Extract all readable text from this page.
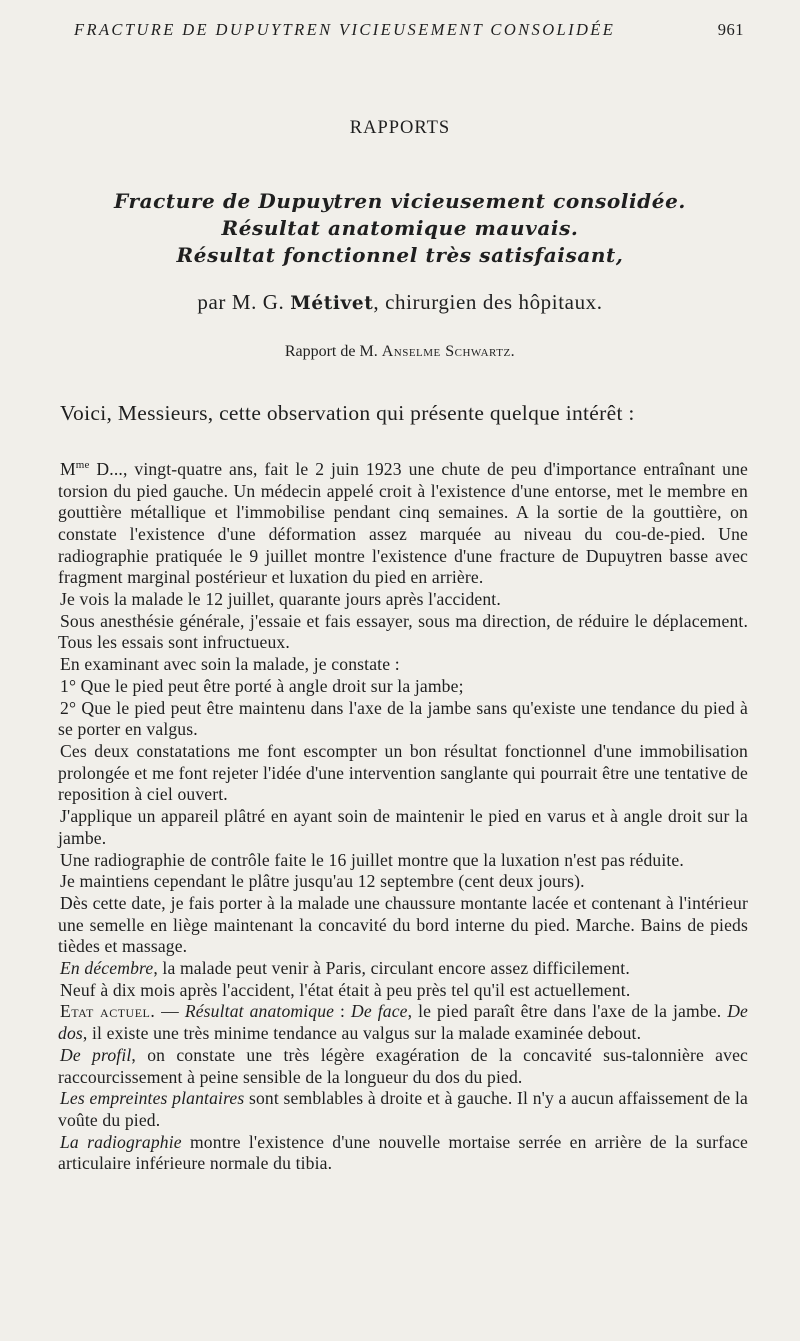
FRACTURE DE DUPUYTREN VICIEUSEMENT CONSOLIDÉE	961
RAPPORTS
Fracture de Dupuytren vicieusement consolidée.
Résultat anatomique mauvais.
Résultat fonctionnel très satisfaisant,
par M. G. Métivet, chirurgien des hôpitaux.
Rapport de M. Anselme Schwartz.
Voici, Messieurs, cette observation qui présente quelque intérêt :

$M^{me}$ D..., vingt-quatre ans, fait le 2 juin 1923 une chute de peu d'importance entraînant une torsion du pied gauche. Un médecin appelé croit à l'existence d'une entorse, met le membre en gouttière métallique et l'immobilise pendant cinq semaines. A la sortie de la gouttière, on constate l'existence d'une déformation assez marquée au niveau du cou-de-pied. Une radiographie pratiquée le 9 juillet montre l'existence d'une fracture de Dupuytren basse avec fragment marginal postérieur et luxation du pied en arrière.

Je vois la malade le 12 juillet, quarante jours après l'accident.

Sous anesthésie générale, j'essaie et fais essayer, sous ma direction, de réduire le déplacement. Tous les essais sont infructueux.

En examinant avec soin la malade, je constate :

1° Que le pied peut être porté à angle droit sur la jambe;

2° Que le pied peut être maintenu dans l'axe de la jambe sans qu'existe une tendance du pied à se porter en valgus.

Ces deux constatations me font escompter un bon résultat fonctionnel d'une immobilisation prolongée et me font rejeter l'idée d'une intervention sanglante qui pourrait être une tentative de reposition à ciel ouvert.

J'applique un appareil plâtré en ayant soin de maintenir le pied en varus et à angle droit sur la jambe.

Une radiographie de contrôle faite le 16 juillet montre que la luxation n'est pas réduite.

Je maintiens cependant le plâtre jusqu'au 12 septembre (cent deux jours).

Dès cette date, je fais porter à la malade une chaussure montante lacée et contenant à l'intérieur une semelle en liège maintenant la concavité du bord interne du pied. Marche. Bains de pieds tièdes et massage.

En décembre, la malade peut venir à Paris, circulant encore assez difficilement.

Neuf à dix mois après l'accident, l'état était à peu près tel qu'il est actuellement.

Etat actuel. — Résultat anatomique : De face, le pied paraît être dans l'axe de la jambe. De dos, il existe une très minime tendance au valgus sur la malade examinée debout.

De profil, on constate une très légère exagération de la concavité sus-talonnière avec raccourcissement à peine sensible de la longueur du dos du pied.

Les empreintes plantaires sont semblables à droite et à gauche. Il n'y a aucun affaissement de la voûte du pied.

La radiographie montre l'existence d'une nouvelle mortaise serrée en arrière de la surface articulaire inférieure normale du tibia.
